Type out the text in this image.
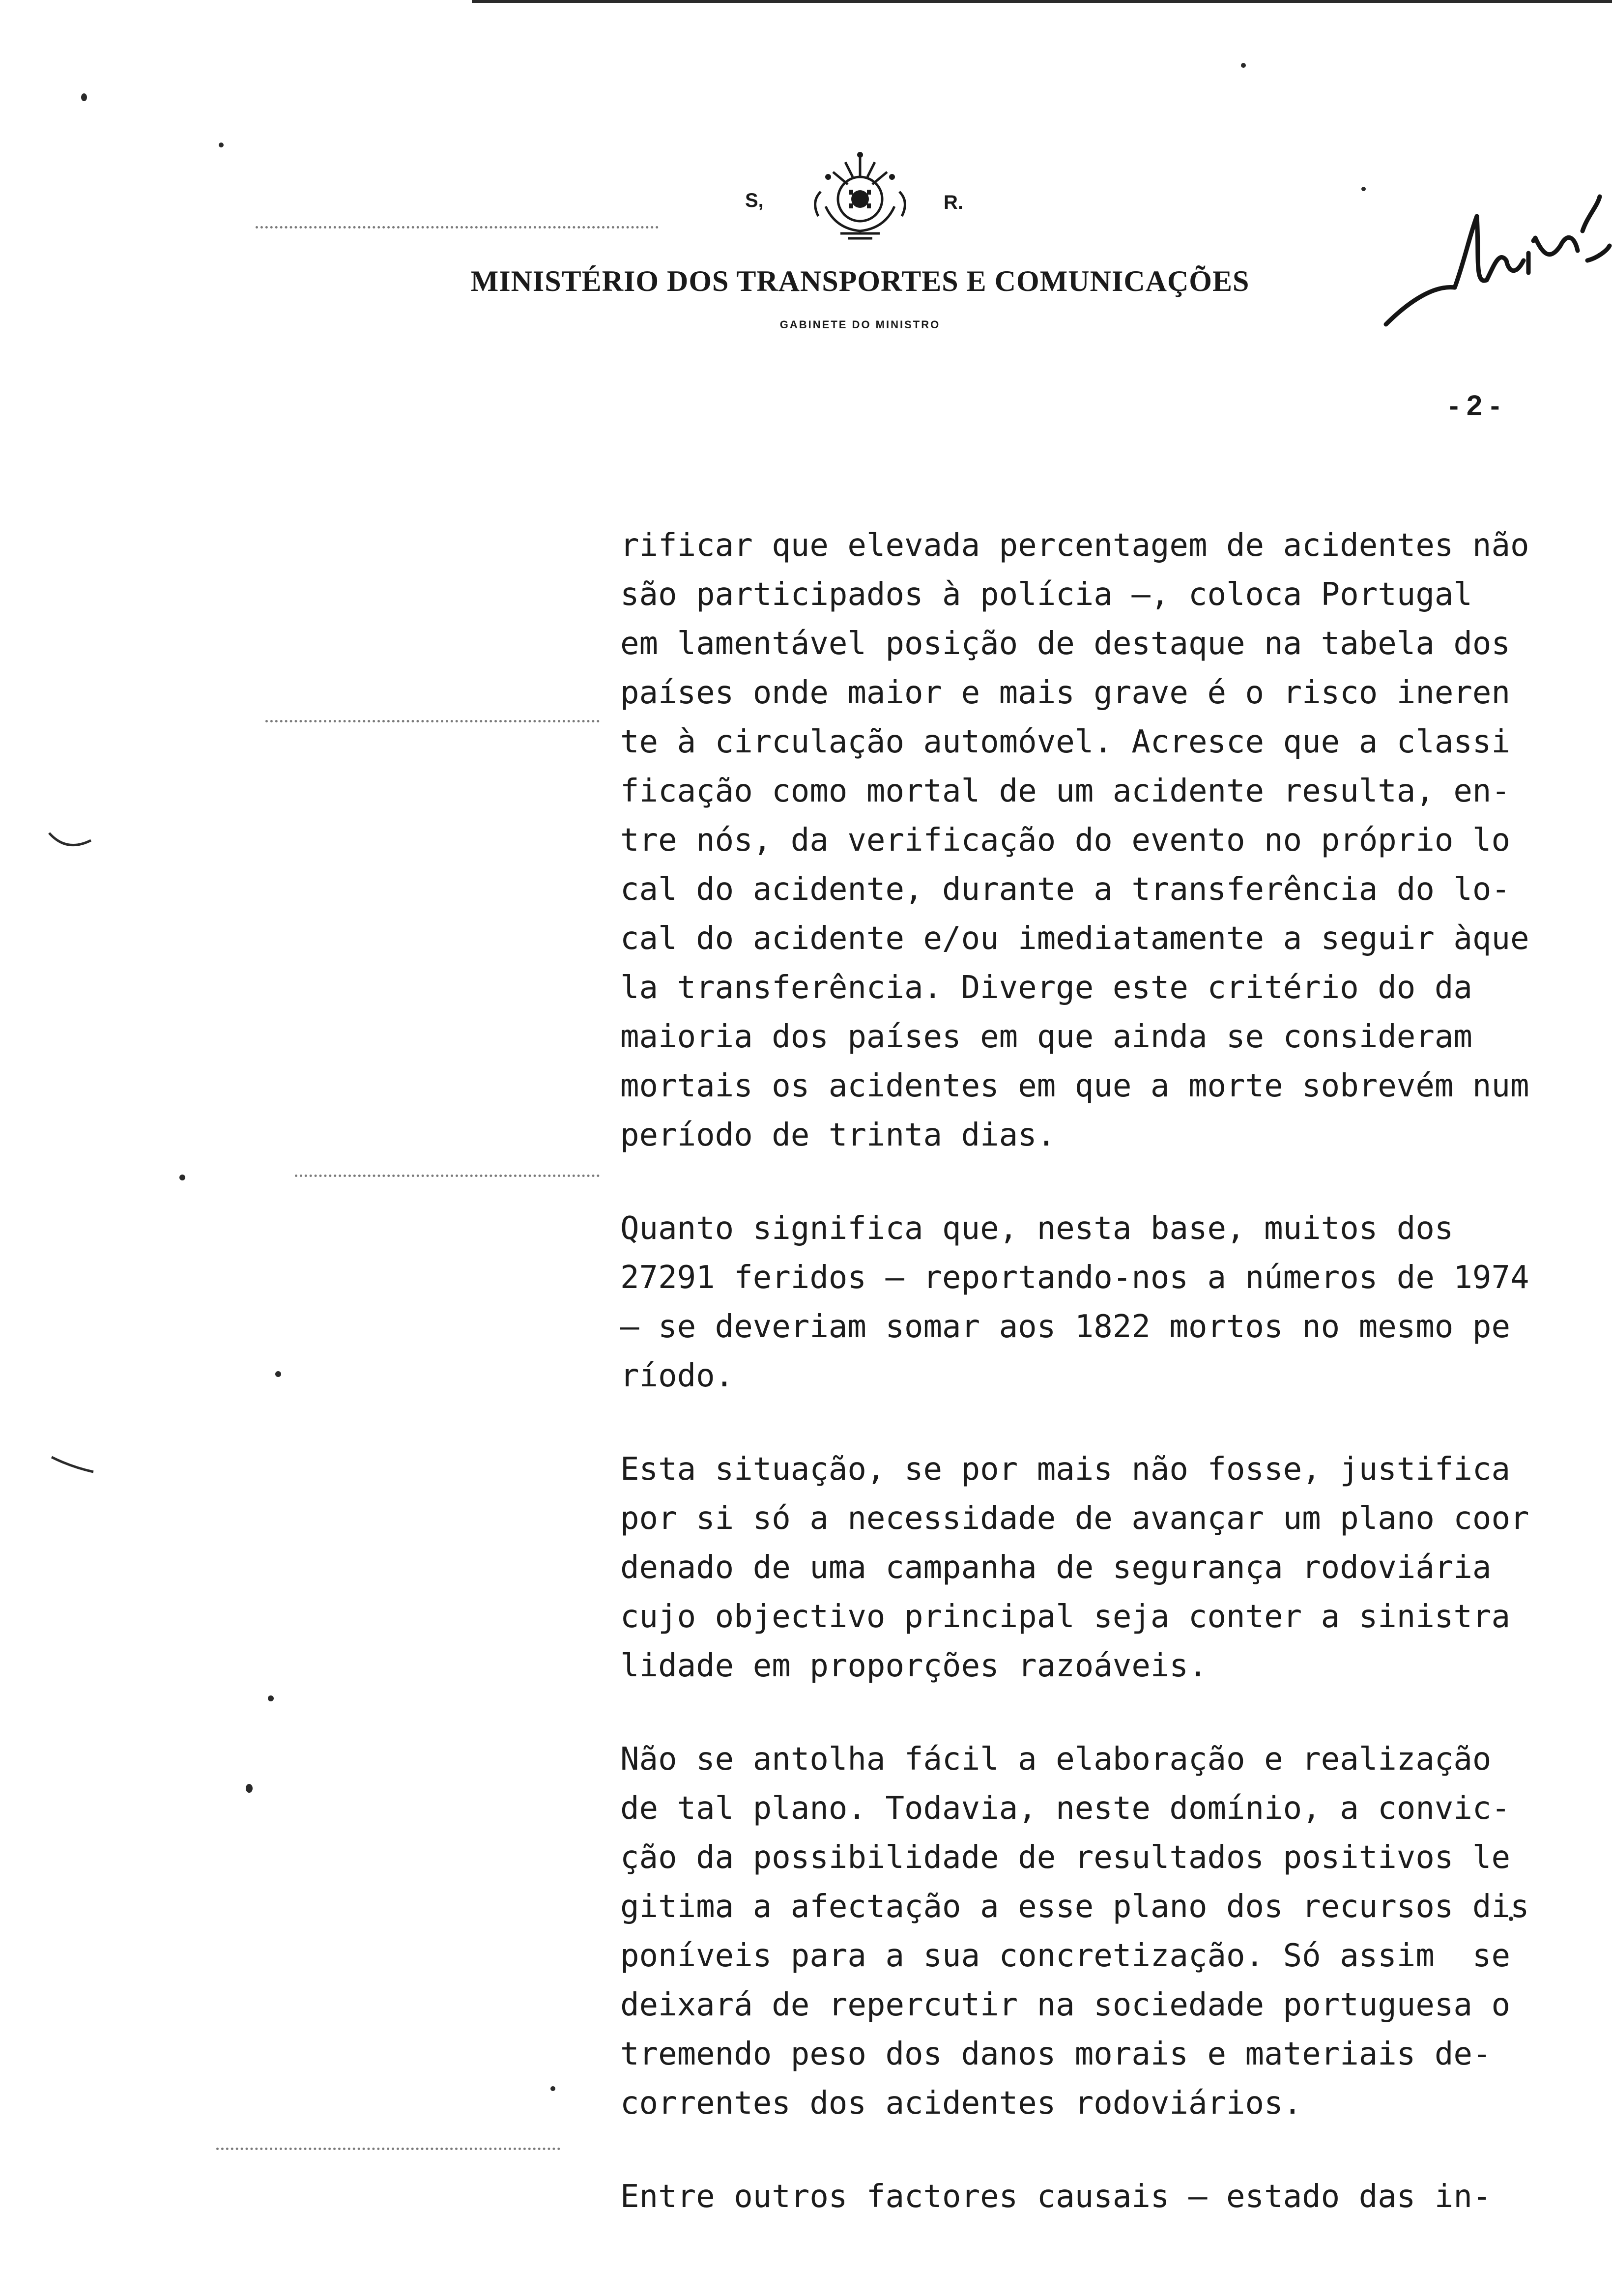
S,	R.
MINISTÉRIO DOS TRANSPORTES E COMUNICAÇÕES
GABINETE DO MINISTRO
- 2 -
rificar que elevada percentagem de acidentes não
são participados à polícia —, coloca Portugal
em lamentável posição de destaque na tabela dos
países onde maior e mais grave é o risco ineren
te à circulação automóvel. Acresce que a classi
ficação como mortal de um acidente resulta, en-
tre nós, da verificação do evento no próprio lo
cal do acidente, durante a transferência do lo-
cal do acidente e/ou imediatamente a seguir àque
la transferência. Diverge este critério do da
maioria dos países em que ainda se consideram
mortais os acidentes em que a morte sobrevém num
período de trinta dias.
Quanto significa que, nesta base, muitos dos
27291 feridos — reportando-nos a números de 1974
— se deveriam somar aos 1822 mortos no mesmo pe
ríodo.
Esta situação, se por mais não fosse, justifica
por si só a necessidade de avançar um plano coor
denado de uma campanha de segurança rodoviária
cujo objectivo principal seja conter a sinistra
lidade em proporções razoáveis.
Não se antolha fácil a elaboração e realização
de tal plano. Todavia, neste domínio, a convic-
ção da possibilidade de resultados positivos le
gitima a afectação a esse plano dos recursos dis
poníveis para a sua concretização. Só assim  se
deixará de repercutir na sociedade portuguesa o
tremendo peso dos danos morais e materiais de-
correntes dos acidentes rodoviários.
Entre outros factores causais — estado das in-
